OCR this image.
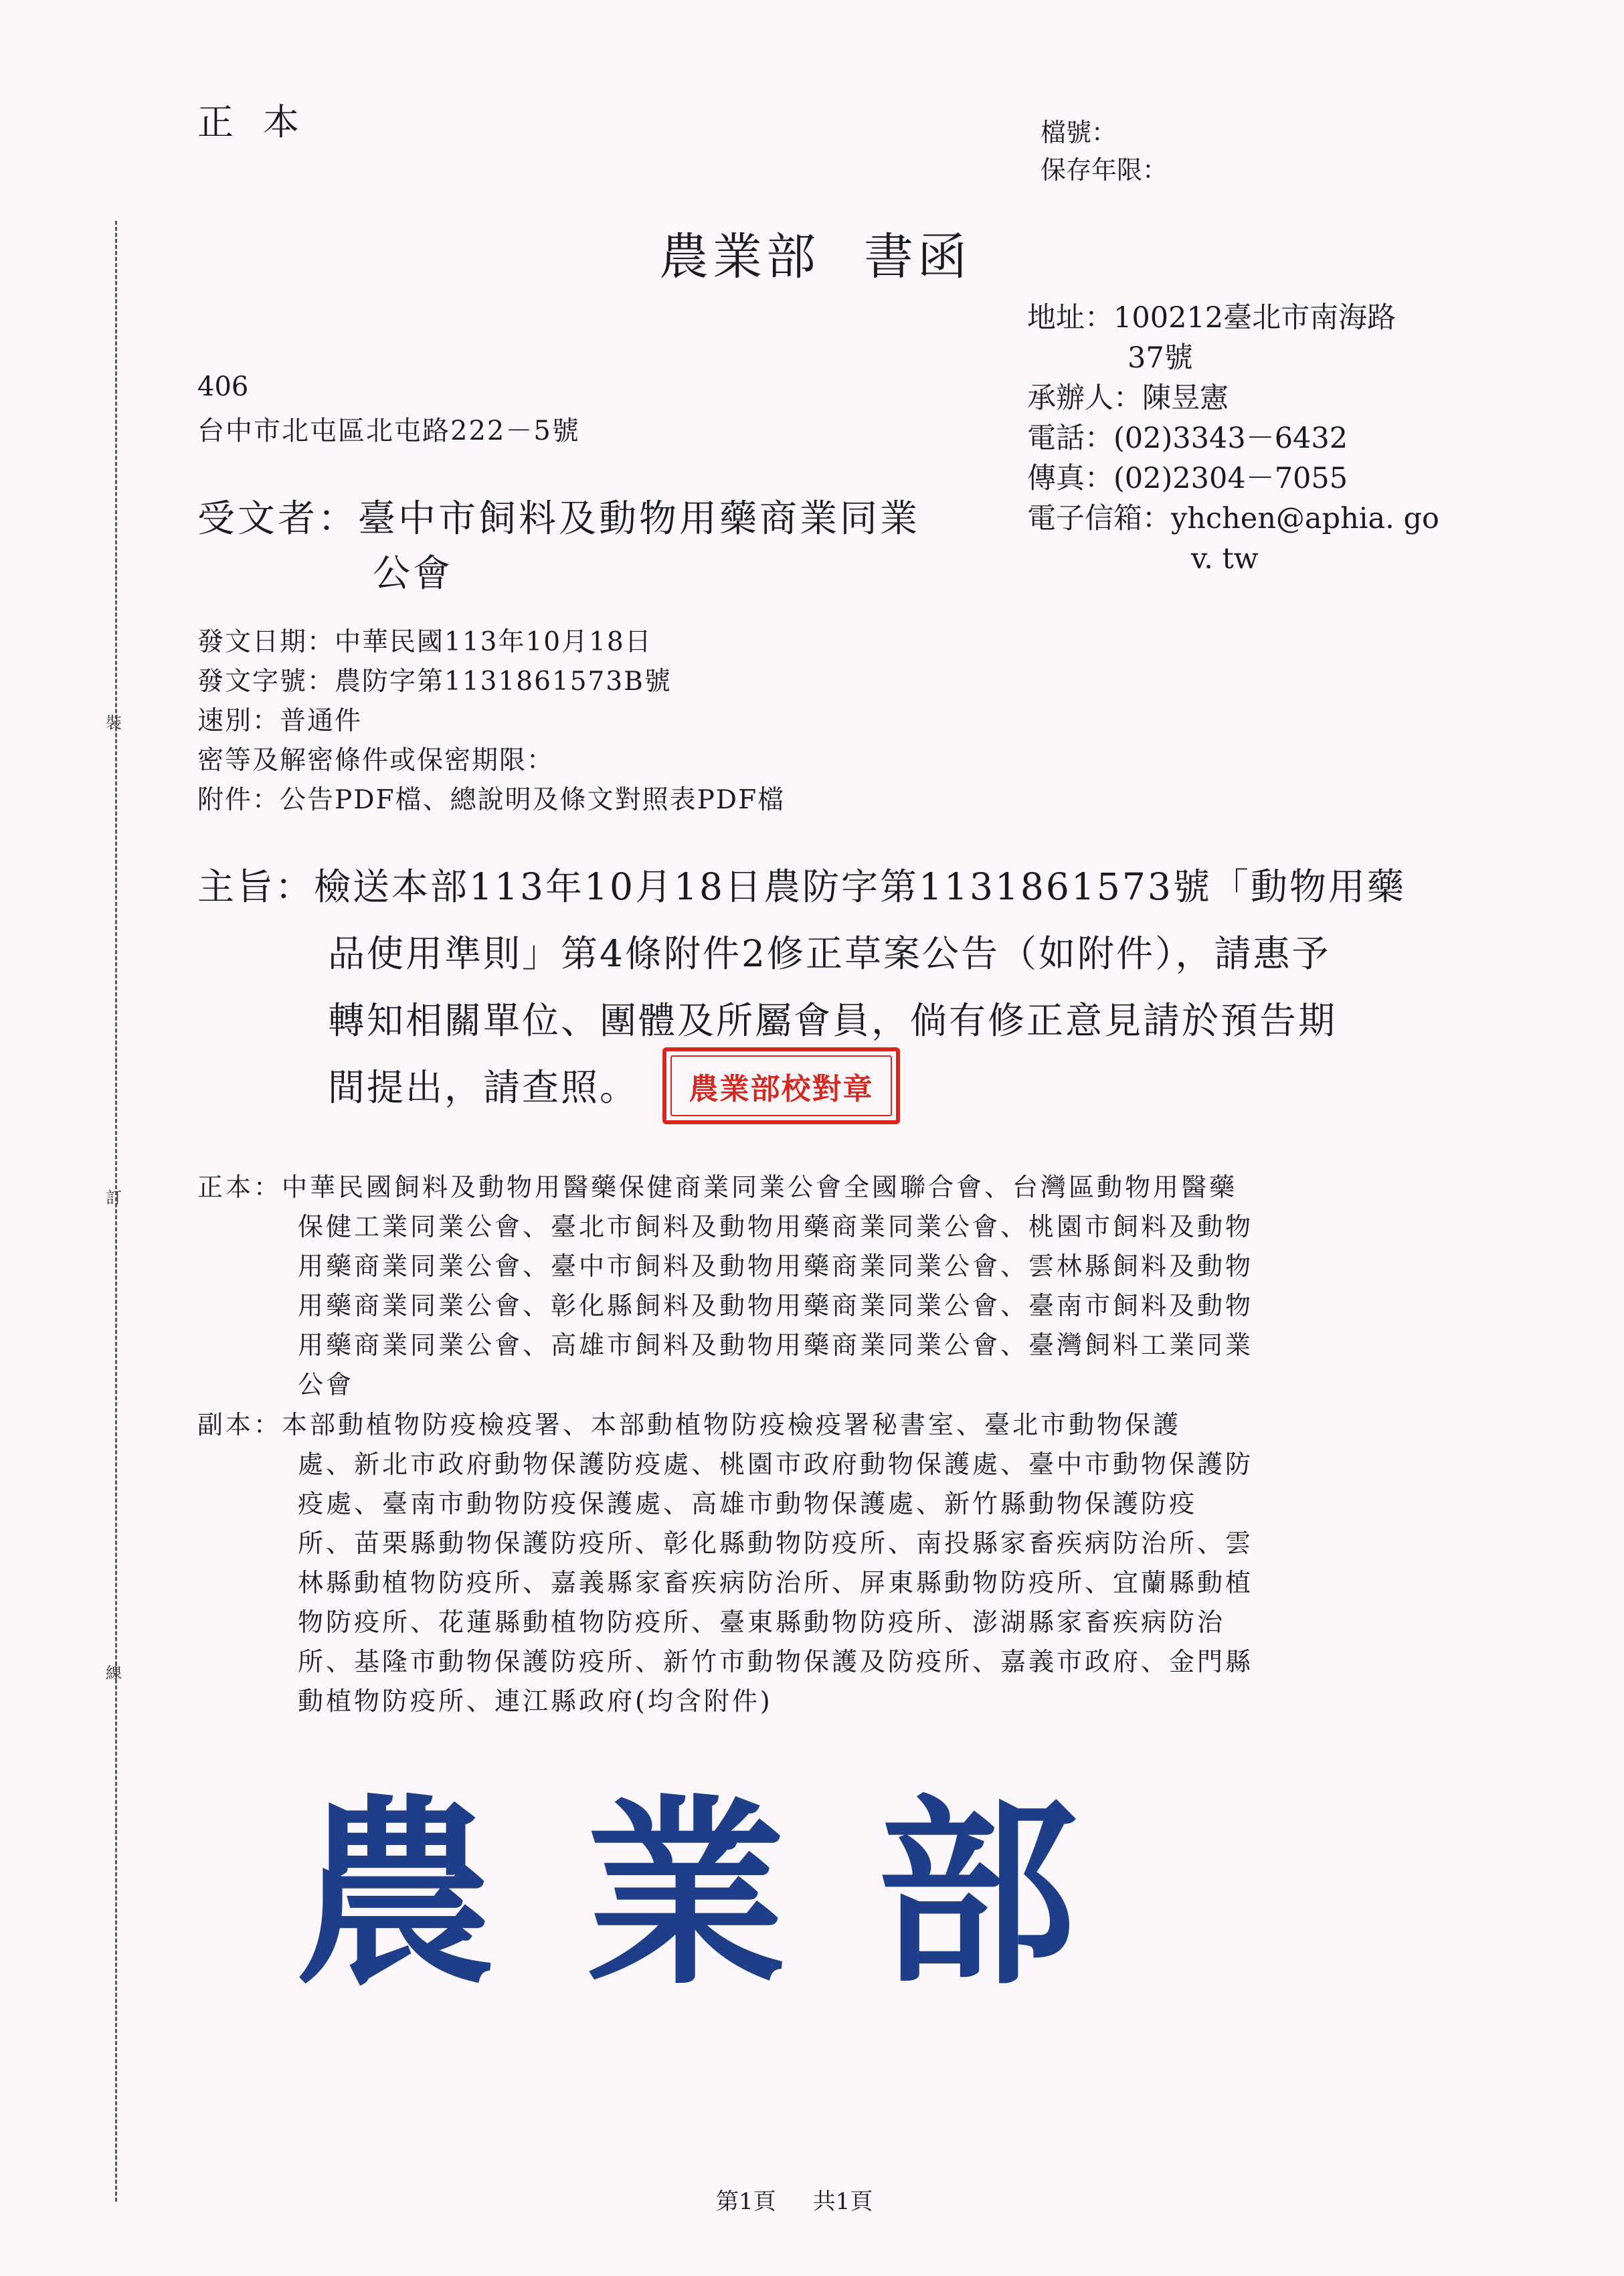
裝
訂
線
正本	檔號：
保存年限：
農業部 書函
地址： 100212臺北市南海路
37號
承辦人： 陳昱憲
電話： (02)3343－6432
傳真： (02)2304－7055
電子信箱： yhchen@aphia. go
v. tw
406
台中市北屯區北屯路222－5號
受文者：臺中市飼料及動物用藥商業同業
公會
發文日期：中華民國113年10月18日
發文字號：農防字第1131861573B號
速別：普通件
密等及解密條件或保密期限：
附件：公告PDF檔、總說明及條文對照表PDF檔
主旨：檢送本部113年10月18日農防字第1131861573號「動物用藥
品使用準則」第4條附件2修正草案公告（如附件），請惠予
轉知相關單位、團體及所屬會員，倘有修正意見請於預告期
間提出，請查照。	農業部校對章
正本：中華民國飼料及動物用醫藥保健商業同業公會全國聯合會、台灣區動物用醫藥
保健工業同業公會、臺北市飼料及動物用藥商業同業公會、桃園市飼料及動物
用藥商業同業公會、臺中市飼料及動物用藥商業同業公會、雲林縣飼料及動物
用藥商業同業公會、彰化縣飼料及動物用藥商業同業公會、臺南市飼料及動物
用藥商業同業公會、高雄市飼料及動物用藥商業同業公會、臺灣飼料工業同業
公會
副本：本部動植物防疫檢疫署、本部動植物防疫檢疫署秘書室、臺北市動物保護
處、新北市政府動物保護防疫處、桃園市政府動物保護處、臺中市動物保護防
疫處、臺南市動物防疫保護處、高雄市動物保護處、新竹縣動物保護防疫
所、苗栗縣動物保護防疫所、彰化縣動物防疫所、南投縣家畜疾病防治所、雲
林縣動植物防疫所、嘉義縣家畜疾病防治所、屏東縣動物防疫所、宜蘭縣動植
物防疫所、花蓮縣動植物防疫所、臺東縣動物防疫所、澎湖縣家畜疾病防治
所、基隆市動物保護防疫所、新竹市動物保護及防疫所、嘉義市政府、金門縣
動植物防疫所、連江縣政府(均含附件)
農業部
第1頁 共1頁
